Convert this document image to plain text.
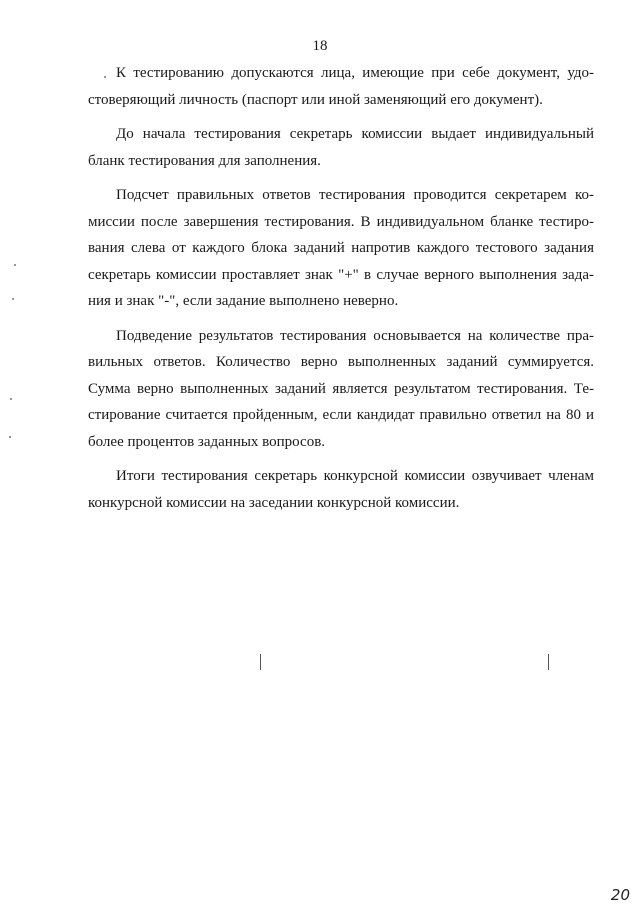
18

К тестированию допускаются лица, имеющие при себе документ, удо-
стоверяющий личность (паспорт или иной заменяющий его документ).

До начала тестирования секретарь комиссии выдает индивидуальный
бланк тестирования для заполнения.

Подсчет правильных ответов тестирования проводится секретарем ко-
миссии после завершения тестирования. В индивидуальном бланке тестиро-
вания слева от каждого блока заданий напротив каждого тестового задания
секретарь комиссии проставляет знак "+" в случае верного выполнения зада-
ния и знак "-", если задание выполнено неверно.

Подведение результатов тестирования основывается на количестве пра-
вильных ответов. Количество верно выполненных заданий суммируется.
Сумма верно выполненных заданий является результатом тестирования. Те-
стирование считается пройденным, если кандидат правильно ответил на 80 и
более процентов заданных вопросов.

Итоги тестирования секретарь конкурсной комиссии озвучивает членам
конкурсной комиссии на заседании конкурсной комиссии.

20
